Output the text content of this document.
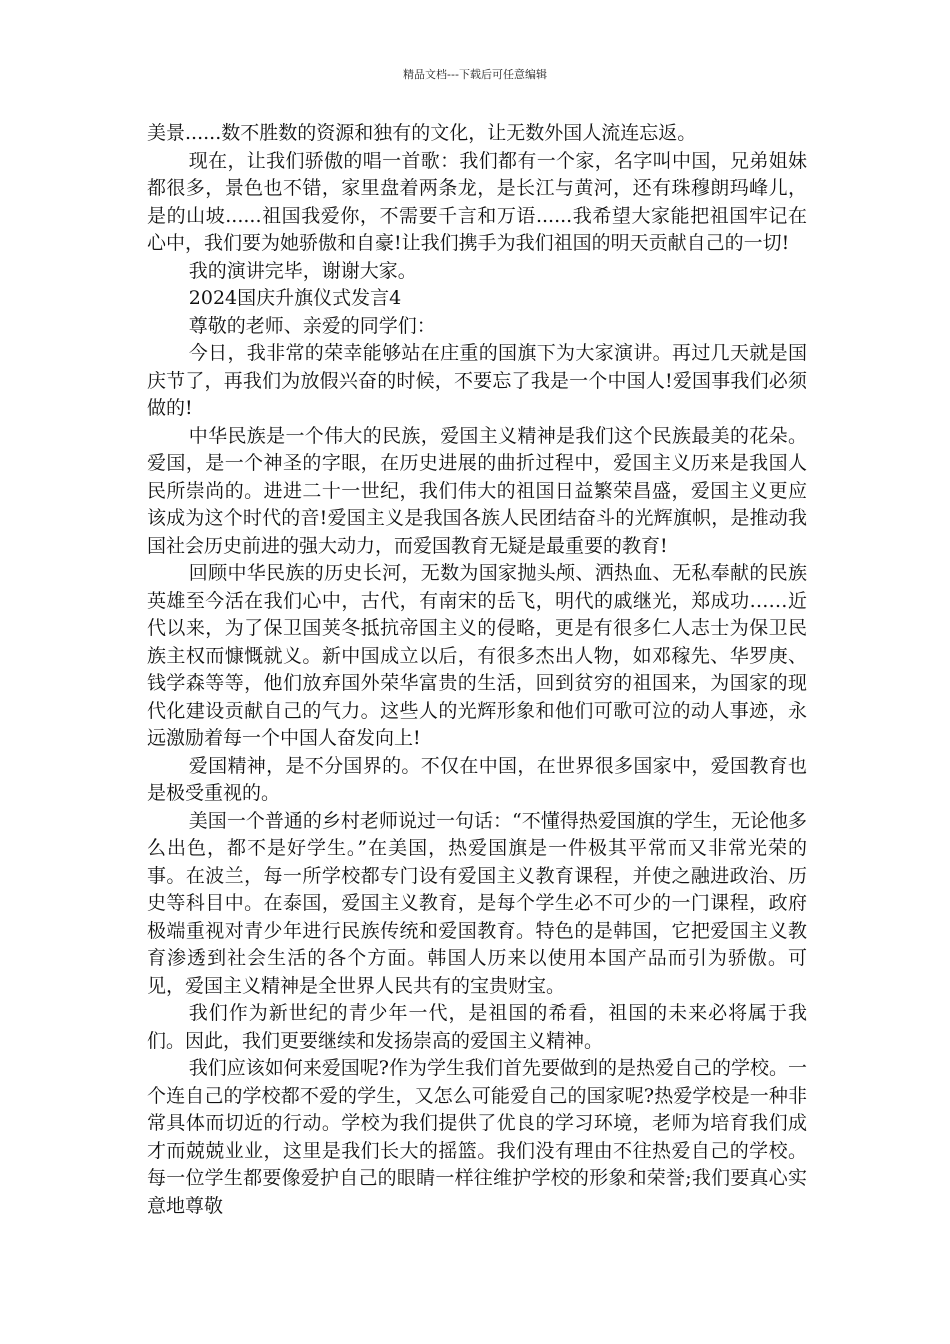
精品文档---下载后可任意编辑

美景......数不胜数的资源和独有的文化，让无数外国人流连忘返。

现在，让我们骄傲的唱一首歌：我们都有一个家，名字叫中国，兄弟姐妹都很多，景色也不错，家里盘着两条龙，是长江与黄河，还有珠穆朗玛峰儿，是的山坡......祖国我爱你，不需要千言和万语......我希望大家能把祖国牢记在心中，我们要为她骄傲和自豪!让我们携手为我们祖国的明天贡献自己的一切!

我的演讲完毕，谢谢大家。

2024国庆升旗仪式发言4

尊敬的老师、亲爱的同学们：

今日，我非常的荣幸能够站在庄重的国旗下为大家演讲。再过几天就是国庆节了，再我们为放假兴奋的时候，不要忘了我是一个中国人!爱国事我们必须做的!

中华民族是一个伟大的民族，爱国主义精神是我们这个民族最美的花朵。爱国，是一个神圣的字眼，在历史进展的曲折过程中，爱国主义历来是我国人民所崇尚的。进进二十一世纪，我们伟大的祖国日益繁荣昌盛，爱国主义更应该成为这个时代的音!爱国主义是我国各族人民团结奋斗的光辉旗帜，是推动我国社会历史前进的强大动力，而爱国教育无疑是最重要的教育!

回顾中华民族的历史长河，无数为国家抛头颅、洒热血、无私奉献的民族英雄至今活在我们心中，古代，有南宋的岳飞，明代的戚继光，郑成功……近代以来，为了保卫国荚冬抵抗帝国主义的侵略，更是有很多仁人志士为保卫民族主权而慷慨就义。新中国成立以后，有很多杰出人物，如邓稼先、华罗庚、钱学森等等，他们放弃国外荣华富贵的生活，回到贫穷的祖国来，为国家的现代化建设贡献自己的气力。这些人的光辉形象和他们可歌可泣的动人事迹，永远激励着每一个中国人奋发向上!

爱国精神，是不分国界的。不仅在中国，在世界很多国家中，爱国教育也是极受重视的。

美国一个普通的乡村老师说过一句话：“不懂得热爱国旗的学生，无论他多么出色，都不是好学生。”在美国，热爱国旗是一件极其平常而又非常光荣的事。在波兰，每一所学校都专门设有爱国主义教育课程，并使之融进政治、历史等科目中。在泰国，爱国主义教育，是每个学生必不可少的一门课程，政府极端重视对青少年进行民族传统和爱国教育。特色的是韩国，它把爱国主义教育渗透到社会生活的各个方面。韩国人历来以使用本国产品而引为骄傲。可见，爱国主义精神是全世界人民共有的宝贵财宝。

我们作为新世纪的青少年一代，是祖国的希看，祖国的未来必将属于我们。因此，我们更要继续和发扬崇高的爱国主义精神。

我们应该如何来爱国呢?作为学生我们首先要做到的是热爱自己的学校。一个连自己的学校都不爱的学生，又怎么可能爱自己的国家呢?热爱学校是一种非常具体而切近的行动。学校为我们提供了优良的学习环境，老师为培育我们成才而兢兢业业，这里是我们长大的摇篮。我们没有理由不往热爱自己的学校。每一位学生都要像爱护自己的眼睛一样往维护学校的形象和荣誉;我们要真心实意地尊敬
